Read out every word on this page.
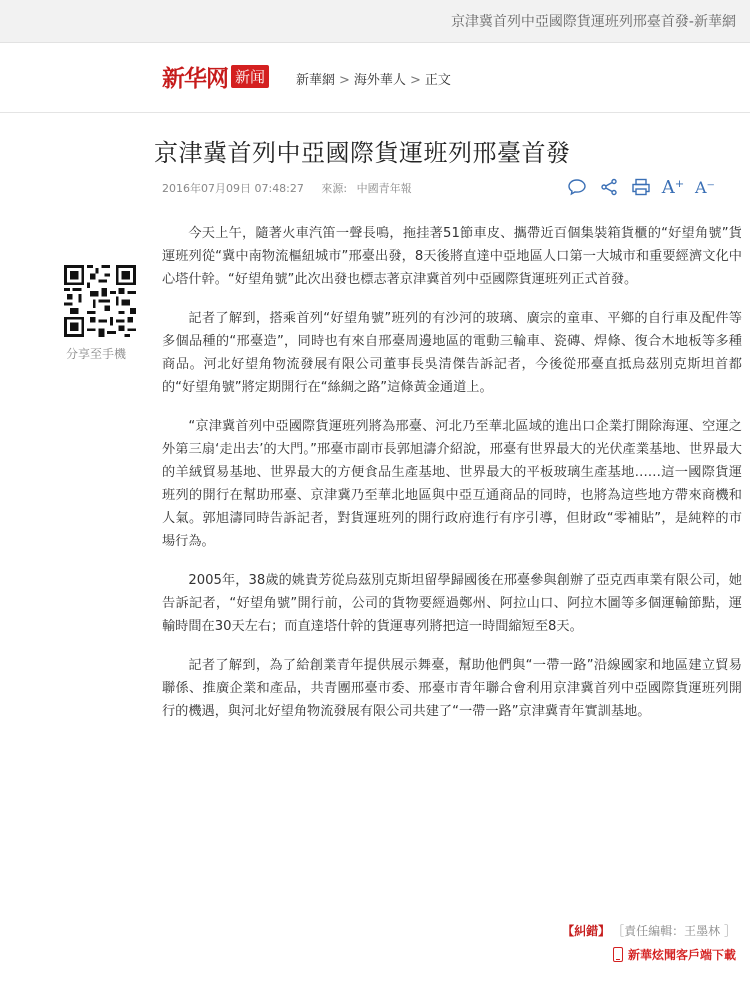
京津冀首列中亞國際貨運班列邢臺首發-新華網
新华网 新闻	新華網 > 海外華人 > 正文
京津冀首列中亞國際貨運班列邢臺首發
2016年07月09日 07:48:27 來源: 中國青年報	A⁺ A⁻
分享至手機

今天上午，隨著火車汽笛一聲長鳴，拖挂著51節車皮、攜帶近百個集裝箱貨櫃的“好望角號”貨運班列從“冀中南物流樞紐城市”邢臺出發，8天後將直達中亞地區人口第一大城市和重要經濟文化中心塔什幹。“好望角號”此次出發也標志著京津冀首列中亞國際貨運班列正式首發。

記者了解到，搭乘首列“好望角號”班列的有沙河的玻璃、廣宗的童車、平鄉的自行車及配件等多個品種的“邢臺造”，同時也有來自邢臺周邊地區的電動三輪車、瓷磚、焊條、復合木地板等多種商品。河北好望角物流發展有限公司董事長吳清傑告訴記者，今後從邢臺直抵烏茲別克斯坦首都的“好望角號”將定期開行在“絲綢之路”這條黃金通道上。

“京津冀首列中亞國際貨運班列將為邢臺、河北乃至華北區域的進出口企業打開除海運、空運之外第三扇‘走出去’的大門。”邢臺市副市長郭旭濤介紹說，邢臺有世界最大的光伏產業基地、世界最大的羊絨貿易基地、世界最大的方便食品生產基地、世界最大的平板玻璃生產基地……這一國際貨運班列的開行在幫助邢臺、京津冀乃至華北地區與中亞互通商品的同時，也將為這些地方帶來商機和人氣。郭旭濤同時告訴記者，對貨運班列的開行政府進行有序引導，但財政“零補貼”，是純粹的市場行為。

2005年，38歲的姚貴芳從烏茲別克斯坦留學歸國後在邢臺參與創辦了亞克西車業有限公司，她告訴記者，“好望角號”開行前，公司的貨物要經過鄭州、阿拉山口、阿拉木圖等多個運輸節點，運輸時間在30天左右；而直達塔什幹的貨運專列將把這一時間縮短至8天。

記者了解到，為了給創業青年提供展示舞臺，幫助他們與“一帶一路”沿線國家和地區建立貿易聯係、推廣企業和產品，共青團邢臺市委、邢臺市青年聯合會利用京津冀首列中亞國際貨運班列開行的機遇，與河北好望角物流發展有限公司共建了“一帶一路”京津冀青年實訓基地。

【糾錯】 ［責任編輯：王墨林 ］
新華炫聞客戶端下載
